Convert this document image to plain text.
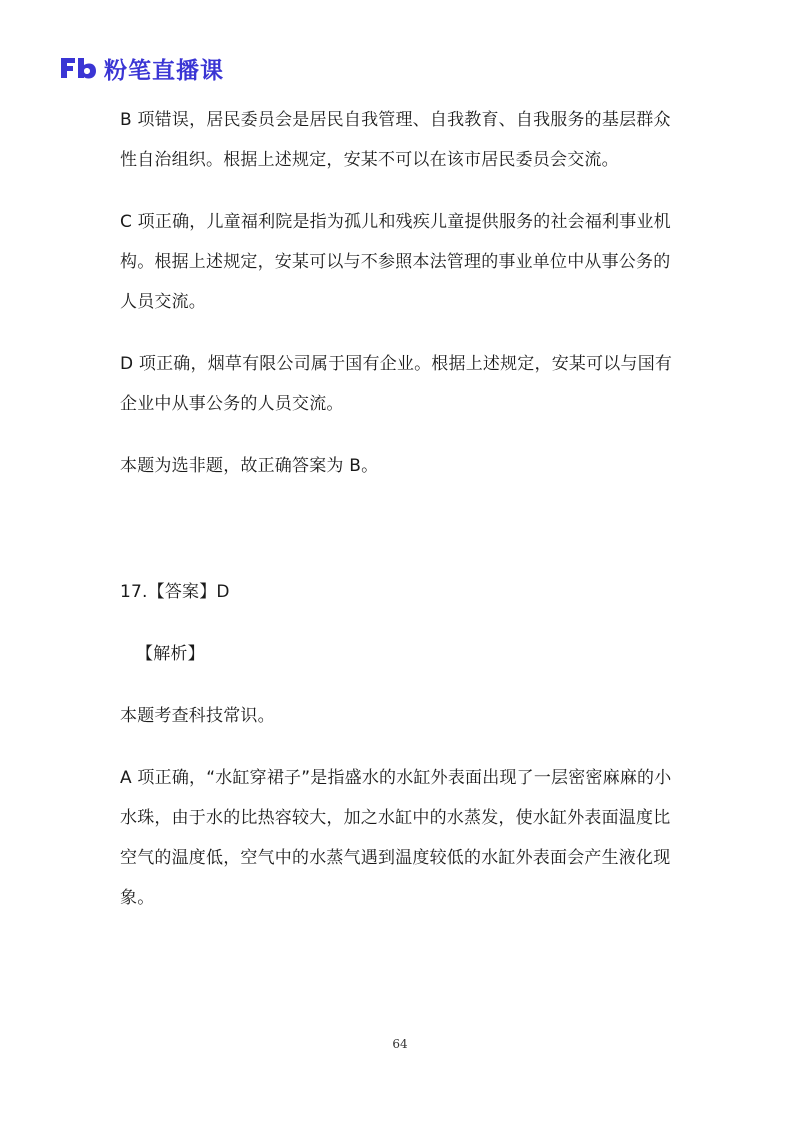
粉笔直播课

B 项错误，居民委员会是居民自我管理、自我教育、自我服务的基层群众性自治组织。根据上述规定，安某不可以在该市居民委员会交流。

C 项正确，儿童福利院是指为孤儿和残疾儿童提供服务的社会福利事业机构。根据上述规定，安某可以与不参照本法管理的事业单位中从事公务的人员交流。

D 项正确，烟草有限公司属于国有企业。根据上述规定，安某可以与国有企业中从事公务的人员交流。

本题为选非题，故正确答案为 B。

17.【答案】D

【解析】

本题考查科技常识。

A 项正确，“水缸穿裙子”是指盛水的水缸外表面出现了一层密密麻麻的小水珠，由于水的比热容较大，加之水缸中的水蒸发，使水缸外表面温度比空气的温度低，空气中的水蒸气遇到温度较低的水缸外表面会产生液化现象。

64
